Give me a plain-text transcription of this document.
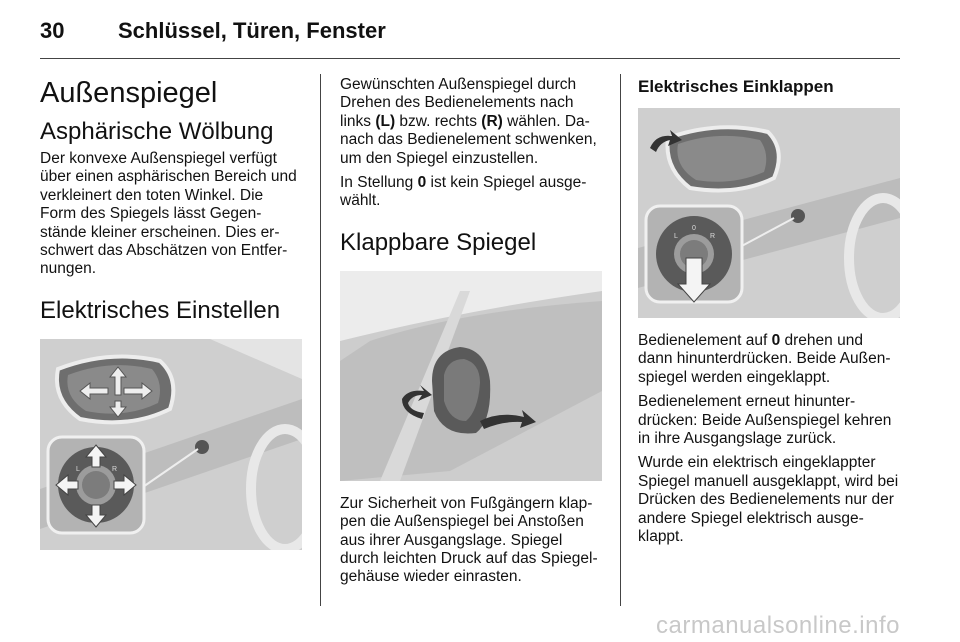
30 Schlüssel, Türen, Fenster
Außenspiegel
Asphärische Wölbung

Der konvexe Außenspiegel verfügt über einen asphärischen Bereich und verkleinert den toten Winkel. Die Form des Spiegels lässt Gegen-stände kleiner erscheinen. Dies er-schwert das Abschätzen von Entfer-nungen.

Elektrisches Einstellen
L	R

Gewünschten Außenspiegel durch Drehen des Bedienelements nach links (L) bzw. rechts (R) wählen. Da-nach das Bedienelement schwenken, um den Spiegel einzustellen.

In Stellung 0 ist kein Spiegel ausge-wählt.

Klappbare Spiegel

Zur Sicherheit von Fußgängern klap-pen die Außenspiegel bei Anstoßen aus ihrer Ausgangslage. Spiegel durch leichten Druck auf das Spiegel-gehäuse wieder einrasten.

Elektrisches Einklappen
L
0
R

Bedienelement auf 0 drehen und dann hinunterdrücken. Beide Außen-spiegel werden eingeklappt.

Bedienelement erneut hinunter-drücken: Beide Außenspiegel kehren in ihre Ausgangslage zurück.

Wurde ein elektrisch eingeklappter Spiegel manuell ausgeklappt, wird bei Drücken des Bedienelements nur der andere Spiegel elektrisch ausge-klappt.

carmanualsonline.info
